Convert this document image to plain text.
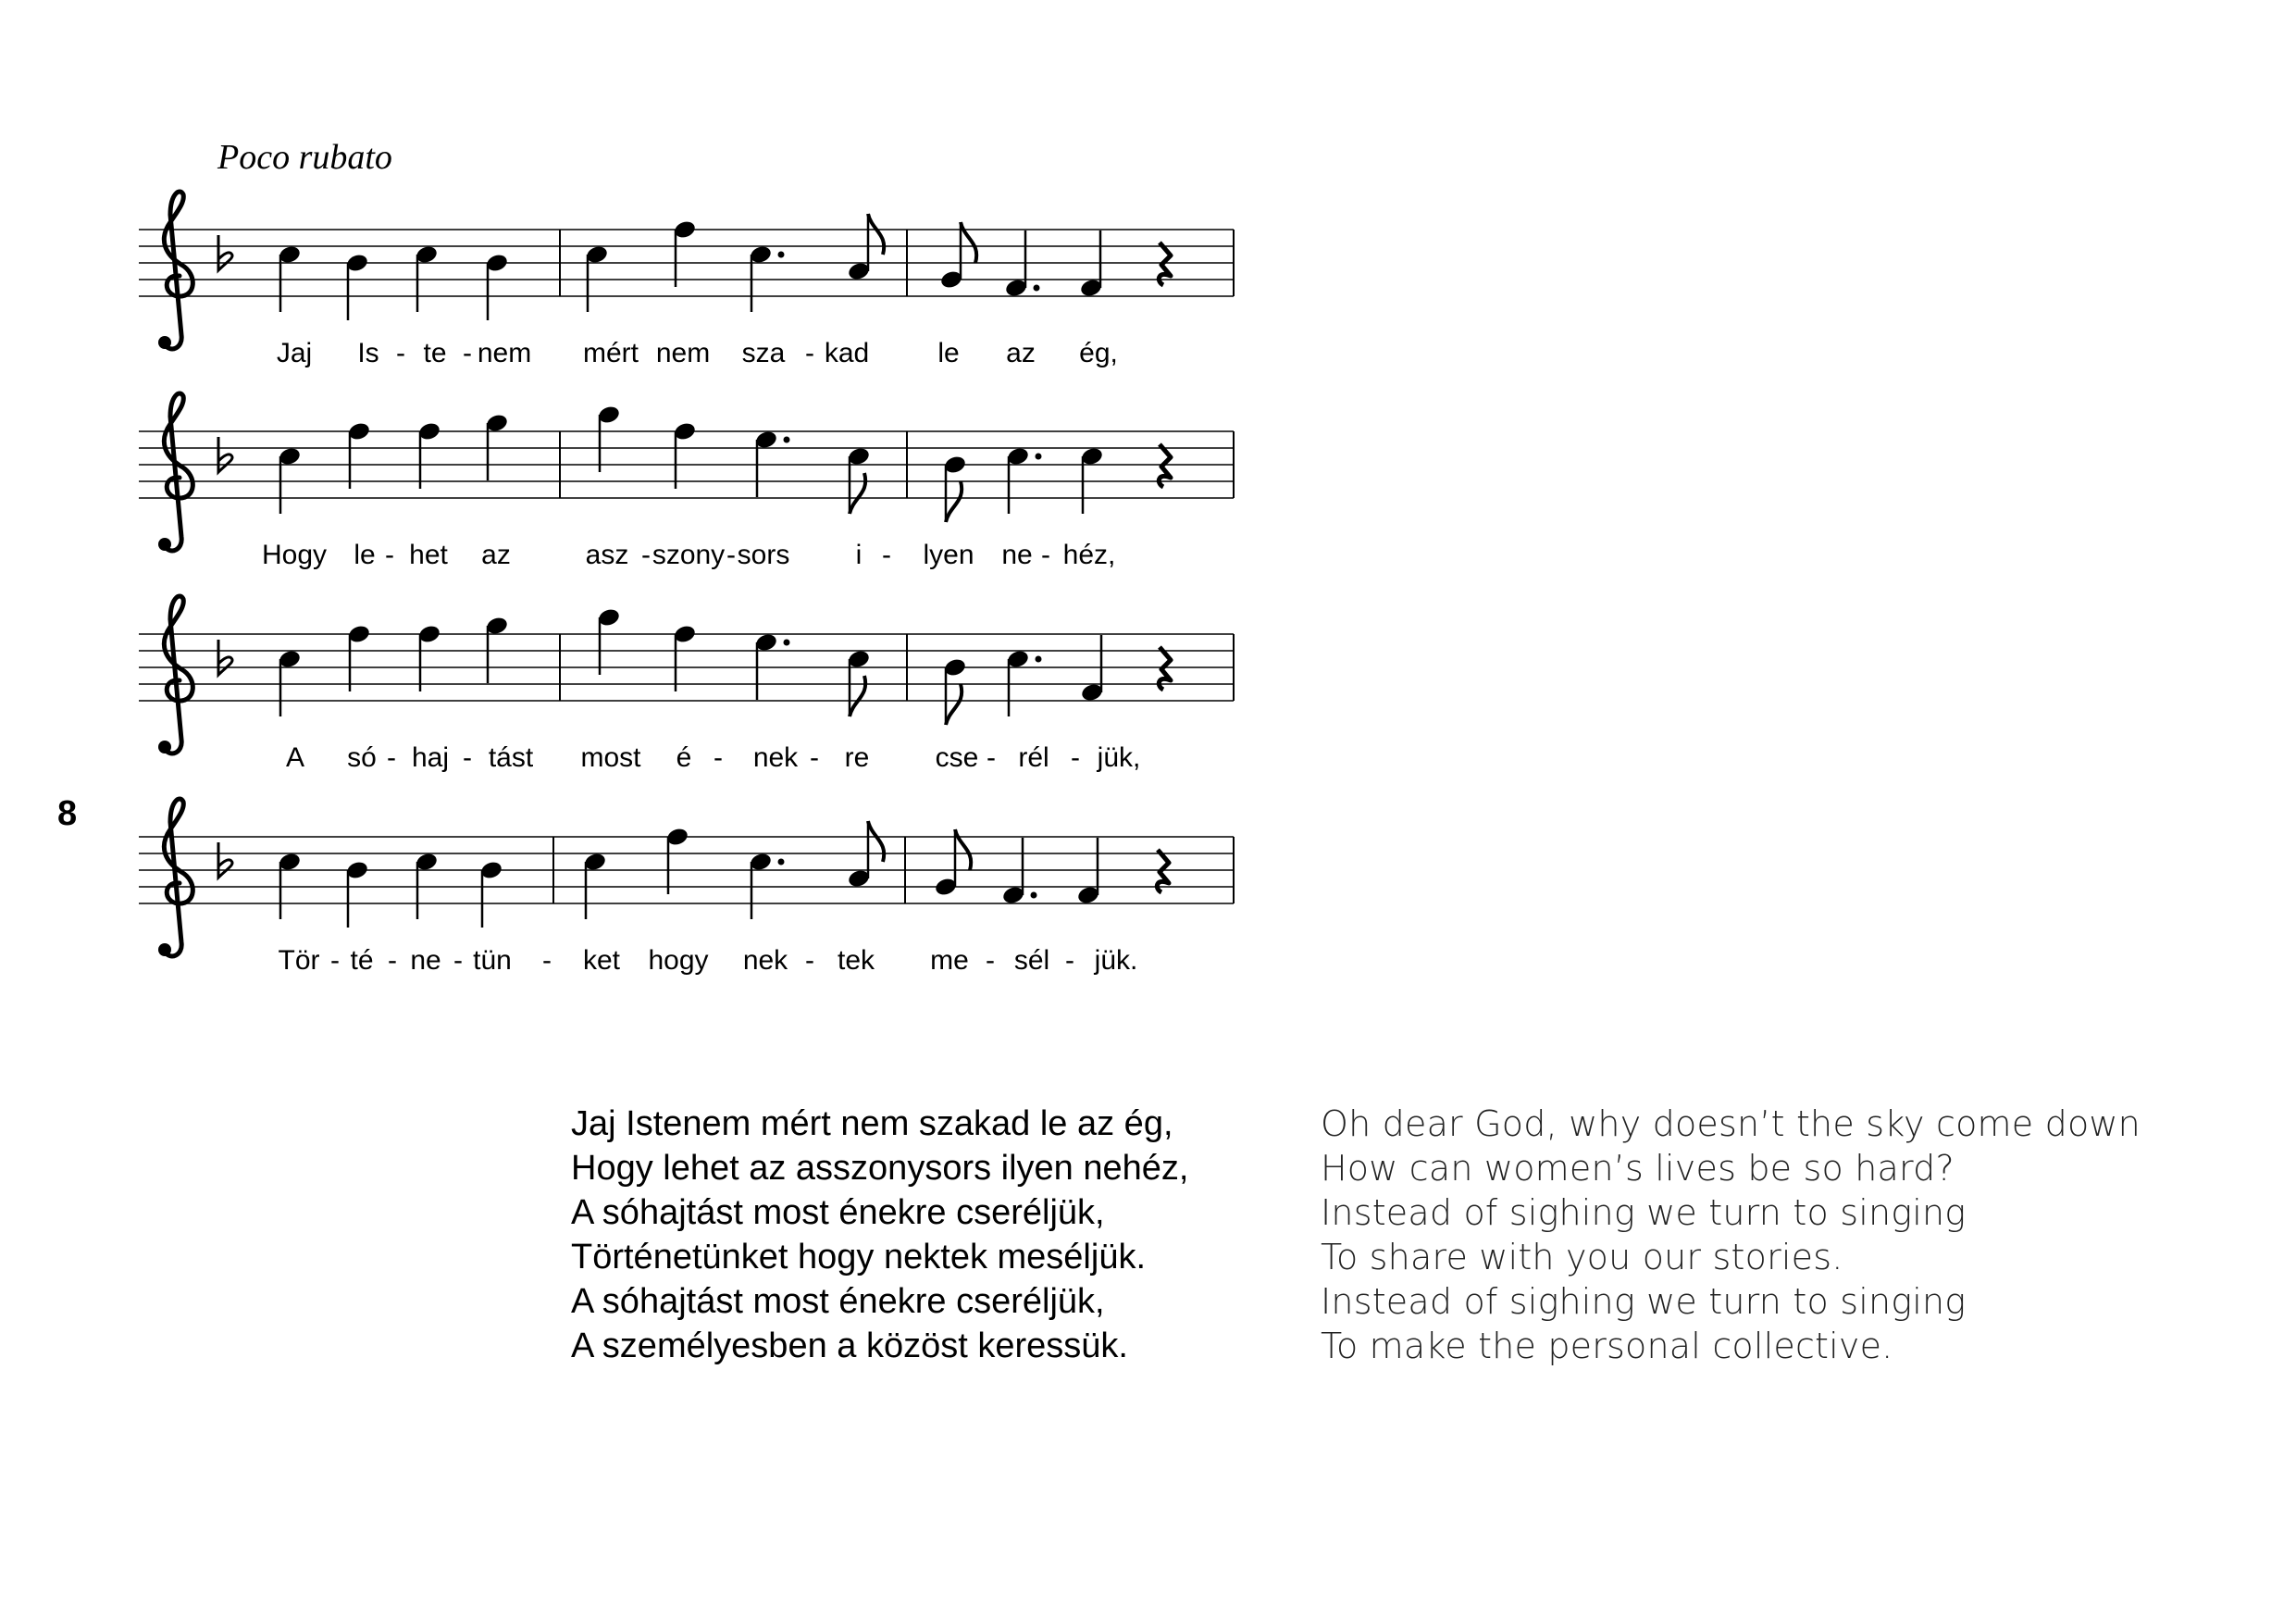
Poco rubato
8
Jaj Is - te - nem mért nem sza - kad le az ég,
Hogy le - het az	asz - szony - sors i - lyen ne - héz,
A só - haj - tást most é - nek - re cse - rél - jük,
Tör - té - ne - tün - ket hogy nek - tek me - sél - jük.
Jaj Istenem mért nem szakad le az ég,
Hogy lehet az asszonysors ilyen nehéz,
A sóhajtást most énekre cseréljük,
Történetünket hogy nektek meséljük.
A sóhajtást most énekre cseréljük,
A személyesben a közöst keressük.
Oh dear God, why doesn’t the sky come down
How can women’s lives be so hard?
Instead of sighing we turn to singing
To share with you our stories.
Instead of sighing we turn to singing
To make the personal collective.
